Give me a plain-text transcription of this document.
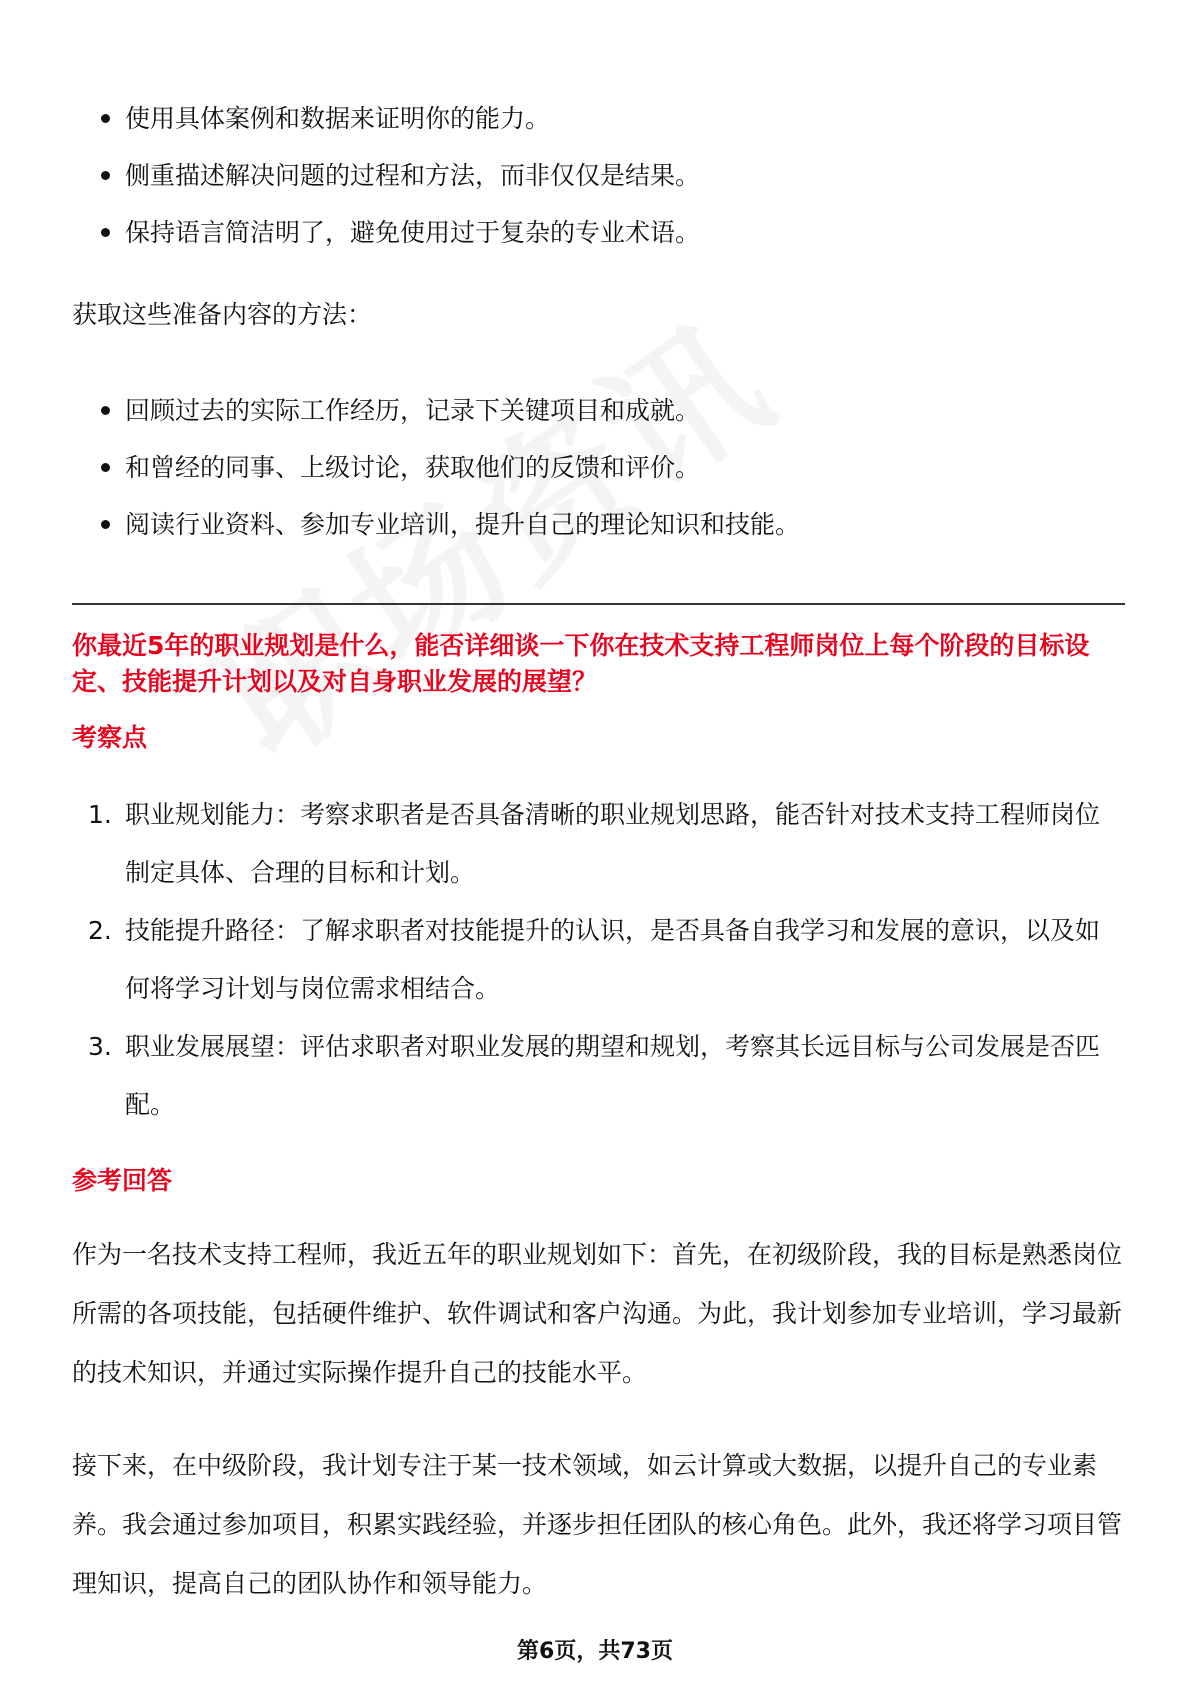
使用具体案例和数据来证明你的能力。
侧重描述解决问题的过程和方法，而非仅仅是结果。
保持语言简洁明了，避免使用过于复杂的专业术语。

获取这些准备内容的方法：

回顾过去的实际工作经历，记录下关键项目和成就。
和曾经的同事、上级讨论，获取他们的反馈和评价。
阅读行业资料、参加专业培训，提升自己的理论知识和技能。

你最近5年的职业规划是什么，能否详细谈一下你在技术支持工程师岗位上每个阶段的目标设定、技能提升计划以及对自身职业发展的展望？

考察点

1. 职业规划能力：考察求职者是否具备清晰的职业规划思路，能否针对技术支持工程师岗位制定具体、合理的目标和计划。
2. 技能提升路径：了解求职者对技能提升的认识，是否具备自我学习和发展的意识，以及如何将学习计划与岗位需求相结合。
3. 职业发展展望：评估求职者对职业发展的期望和规划，考察其长远目标与公司发展是否匹配。

参考回答

作为一名技术支持工程师，我近五年的职业规划如下：首先，在初级阶段，我的目标是熟悉岗位所需的各项技能，包括硬件维护、软件调试和客户沟通。为此，我计划参加专业培训，学习最新的技术知识，并通过实际操作提升自己的技能水平。

接下来，在中级阶段，我计划专注于某一技术领域，如云计算或大数据，以提升自己的专业素养。我会通过参加项目，积累实践经验，并逐步担任团队的核心角色。此外，我还将学习项目管理知识，提高自己的团队协作和领导能力。

第6页，共73页
